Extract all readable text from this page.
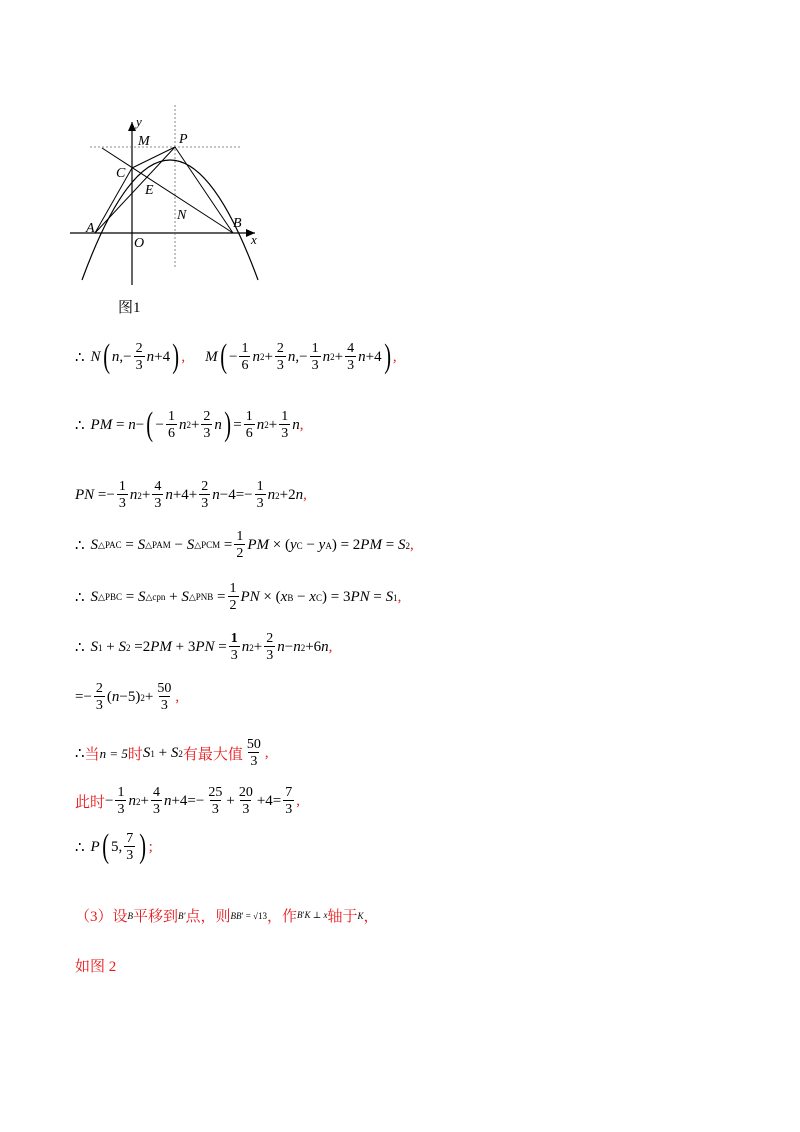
y
M P
C
E
N
B
A
x
O
图1
∴ N ( n ,− $\frac{2}{3}$ n +4 ) , M ( − $\frac{1}{6}$ n $2 + \frac{2}{3}$ n ,− $\frac{1}{3}$ n $2 + \frac{4}{3}$ n +4 ) ,
∴ PM = n − ( − $\frac{1}{6}$ n $2 + \frac{2}{3}$ n ) = $\frac{1}{6}$ n $2 + \frac{1}{3}$ n ,
PN =− $\frac{1}{3}$ n $2 + \frac{4}{3}$ $n +4+ \frac{2}{3}$ $n -4=- \frac{1}{3}$ n 2 +2 n ,
∴ S △PAC = S △PAM − S △PCM = $\frac{1}{2}$ PM × ( y C − y A ) = 2 PM = S 2 ,
∴ S △PBC = S △cpn + S △PNB = $\frac{1}{2}$ PN × ( x B − x C ) = 3 PN = S 1 ,
∴ S 1 + S 2 =2 PM + 3 PN = $\frac{1}{3}$ n $2 + \frac{2}{3}$ n − n 2 +6 n ,
=− $\frac{2}{3}$ ( n −5) $2 + \frac{50}{3}$ ,
∴ 当 n = 5 时 S 1 + S 2 有最大值 $\frac{50}{3}$ ,
此时 − $\frac{1}{3}$ n $2 + \frac{4}{3}$ $n +4=- \frac{25}{3} + \frac{20}{3} +4= \frac{7}{3}$ ,
∴ P ( 5, $\frac{7}{3}$ ) ;
（3）设 B 平移到 B′ 点，则 BB′ = √13 ，作 B′K ⊥ x 轴于 K ，
如图 2
